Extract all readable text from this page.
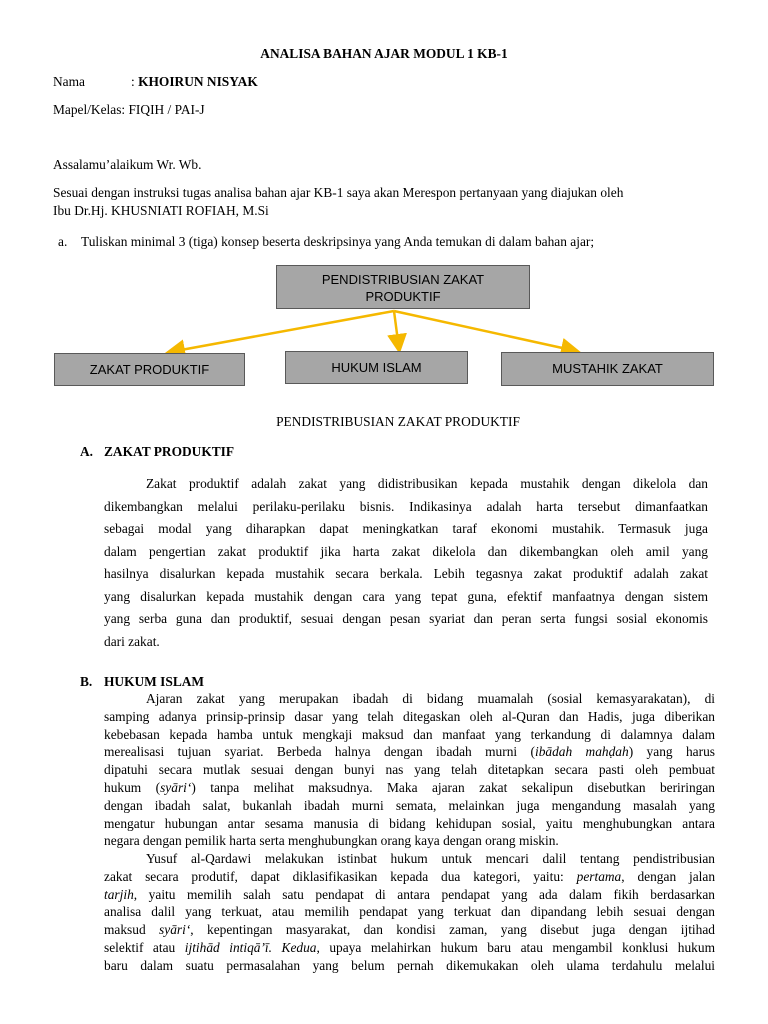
ANALISA BAHAN AJAR MODUL 1 KB-1
Nama	: KHOIRUN NISYAK
Mapel/Kelas: FIQIH / PAI-J
Assalamu’alaikum Wr. Wb.
Sesuai dengan instruksi tugas analisa bahan ajar KB-1 saya akan Merespon pertanyaan yang diajukan oleh
Ibu Dr.Hj. KHUSNIATI ROFIAH, M.Si
a. Tuliskan minimal 3 (tiga) konsep beserta deskripsinya yang Anda temukan di dalam bahan ajar;
PENDISTRIBUSIAN ZAKAT
PRODUKTIF
ZAKAT PRODUKTIF	HUKUM ISLAM	MUSTAHIK ZAKAT
PENDISTRIBUSIAN ZAKAT PRODUKTIF
A. ZAKAT PRODUKTIF
Zakat produktif adalah zakat yang didistribusikan kepada mustahik dengan dikelola dan
dikembangkan melalui perilaku-perilaku bisnis. Indikasinya adalah harta tersebut dimanfaatkan
sebagai modal yang diharapkan dapat meningkatkan taraf ekonomi mustahik. Termasuk juga
dalam pengertian zakat produktif jika harta zakat dikelola dan dikembangkan oleh amil yang
hasilnya disalurkan kepada mustahik secara berkala. Lebih tegasnya zakat produktif adalah zakat
yang disalurkan kepada mustahik dengan cara yang tepat guna, efektif manfaatnya dengan sistem
yang serba guna dan produktif, sesuai dengan pesan syariat dan peran serta fungsi sosial ekonomis
dari zakat.
B. HUKUM ISLAM
Ajaran zakat yang merupakan ibadah di bidang muamalah (sosial kemasyarakatan), di
samping adanya prinsip-prinsip dasar yang telah ditegaskan oleh al-Quran dan Hadis, juga diberikan
kebebasan kepada hamba untuk mengkaji maksud dan manfaat yang terkandung di dalamnya dalam
merealisasi tujuan syariat. Berbeda halnya dengan ibadah murni (ibādah mahḍah) yang harus
dipatuhi secara mutlak sesuai dengan bunyi nas yang telah ditetapkan secara pasti oleh pembuat
hukum (syāri‘) tanpa melihat maksudnya. Maka ajaran zakat sekalipun disebutkan beriringan
dengan ibadah salat, bukanlah ibadah murni semata, melainkan juga mengandung masalah yang
mengatur hubungan antar sesama manusia di bidang kehidupan sosial, yaitu menghubungkan antara
negara dengan pemilik harta serta menghubungkan orang kaya dengan orang miskin.
Yusuf al-Qardawi melakukan istinbat hukum untuk mencari dalil tentang pendistribusian
zakat secara produtif, dapat diklasifikasikan kepada dua kategori, yaitu: pertama, dengan jalan
tarjih, yaitu memilih salah satu pendapat di antara pendapat yang ada dalam fikih berdasarkan
analisa dalil yang terkuat, atau memilih pendapat yang terkuat dan dipandang lebih sesuai dengan
maksud syāri‘, kepentingan masyarakat, dan kondisi zaman, yang disebut juga dengan ijtihad
selektif atau ijtihād intiqā’ī. Kedua, upaya melahirkan hukum baru atau mengambil konklusi hukum
baru dalam suatu permasalahan yang belum pernah dikemukakan oleh ulama terdahulu melalui
